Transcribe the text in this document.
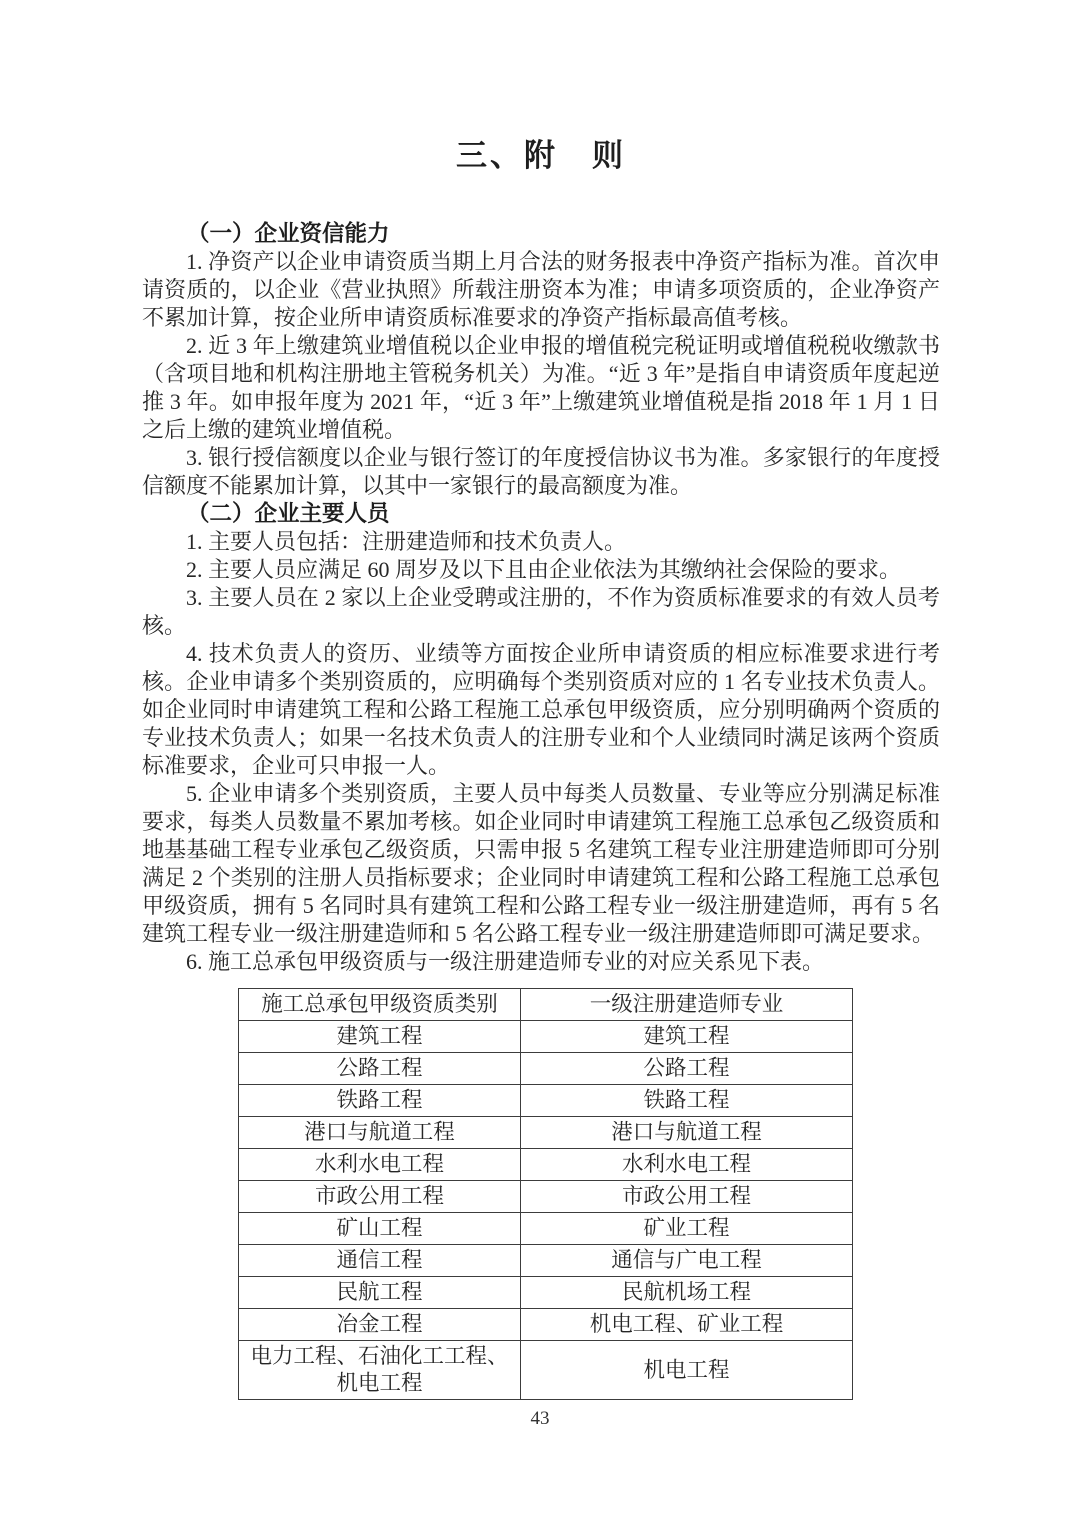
三、附　则
（一）企业资信能力

1. 净资产以企业申请资质当期上月合法的财务报表中净资产指标为准。首次申请资质的，以企业《营业执照》所载注册资本为准；申请多项资质的，企业净资产不累加计算，按企业所申请资质标准要求的净资产指标最高值考核。

2. 近 3 年上缴建筑业增值税以企业申报的增值税完税证明或增值税税收缴款书（含项目地和机构注册地主管税务机关）为准。“近 3 年”是指自申请资质年度起逆推 3 年。如申报年度为 2021 年，“近 3 年”上缴建筑业增值税是指 2018 年 1 月 1 日之后上缴的建筑业增值税。

3. 银行授信额度以企业与银行签订的年度授信协议书为准。多家银行的年度授信额度不能累加计算，以其中一家银行的最高额度为准。

（二）企业主要人员

1. 主要人员包括：注册建造师和技术负责人。

2. 主要人员应满足 60 周岁及以下且由企业依法为其缴纳社会保险的要求。

3. 主要人员在 2 家以上企业受聘或注册的，不作为资质标准要求的有效人员考核。

4. 技术负责人的资历、业绩等方面按企业所申请资质的相应标准要求进行考核。企业申请多个类别资质的，应明确每个类别资质对应的 1 名专业技术负责人。如企业同时申请建筑工程和公路工程施工总承包甲级资质，应分别明确两个资质的专业技术负责人；如果一名技术负责人的注册专业和个人业绩同时满足该两个资质标准要求，企业可只申报一人。

5. 企业申请多个类别资质，主要人员中每类人员数量、专业等应分别满足标准要求，每类人员数量不累加考核。如企业同时申请建筑工程施工总承包乙级资质和地基基础工程专业承包乙级资质，只需申报 5 名建筑工程专业注册建造师即可分别满足 2 个类别的注册人员指标要求；企业同时申请建筑工程和公路工程施工总承包甲级资质，拥有 5 名同时具有建筑工程和公路工程专业一级注册建造师，再有 5 名建筑工程专业一级注册建造师和 5 名公路工程专业一级注册建造师即可满足要求。

6. 施工总承包甲级资质与一级注册建造师专业的对应关系见下表。

施工总承包甲级资质类别	一级注册建造师专业
建筑工程	建筑工程
公路工程	公路工程
铁路工程	铁路工程
港口与航道工程	港口与航道工程
水利水电工程	水利水电工程
市政公用工程	市政公用工程
矿山工程	矿业工程
通信工程	通信与广电工程
民航工程	民航机场工程
冶金工程	机电工程、矿业工程
电力工程、石油化工工程、机电工程	机电工程
43
